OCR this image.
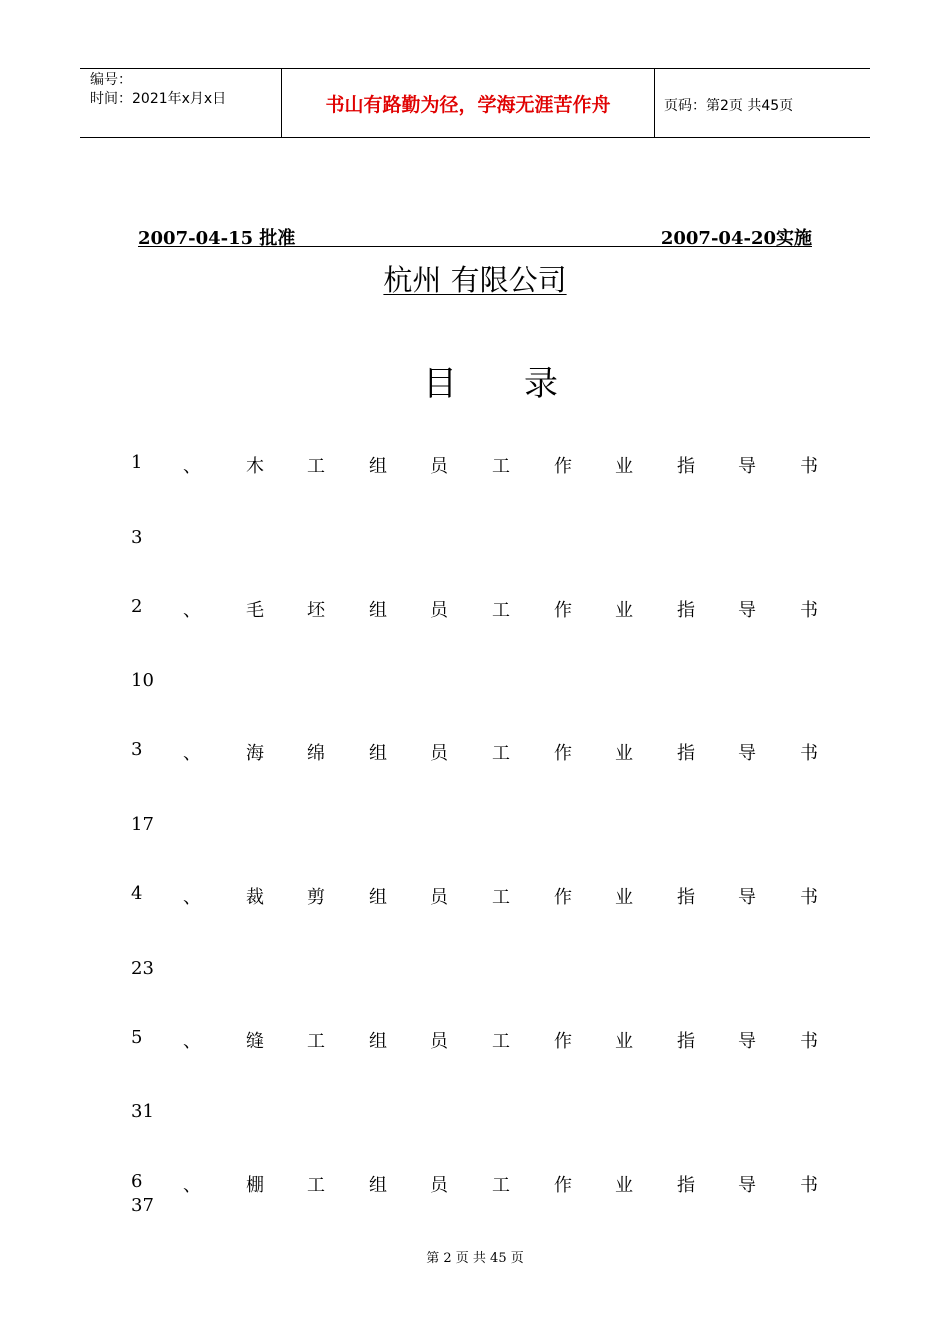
编号：
时间：2021年x月x日	书山有路勤为径，学海无涯苦作舟	页码：第2页 共45页
2007-04-15 批准	2007-04-20实施
杭州 有限公司
目 录
1 、	木 工 组 员 工 作 业 指 导 书
3
2 、	毛 坯 组 员 工 作 业 指 导 书
10
3 、	海 绵 组 员 工 作 业 指 导 书
17
4 、	裁 剪 组 员 工 作 业 指 导 书
23
5 、	缝 工 组 员 工 作 业 指 导 书
31
6 、	棚 工 组 员 工 作 业 指 导 书
37
第 2 页 共 45 页
